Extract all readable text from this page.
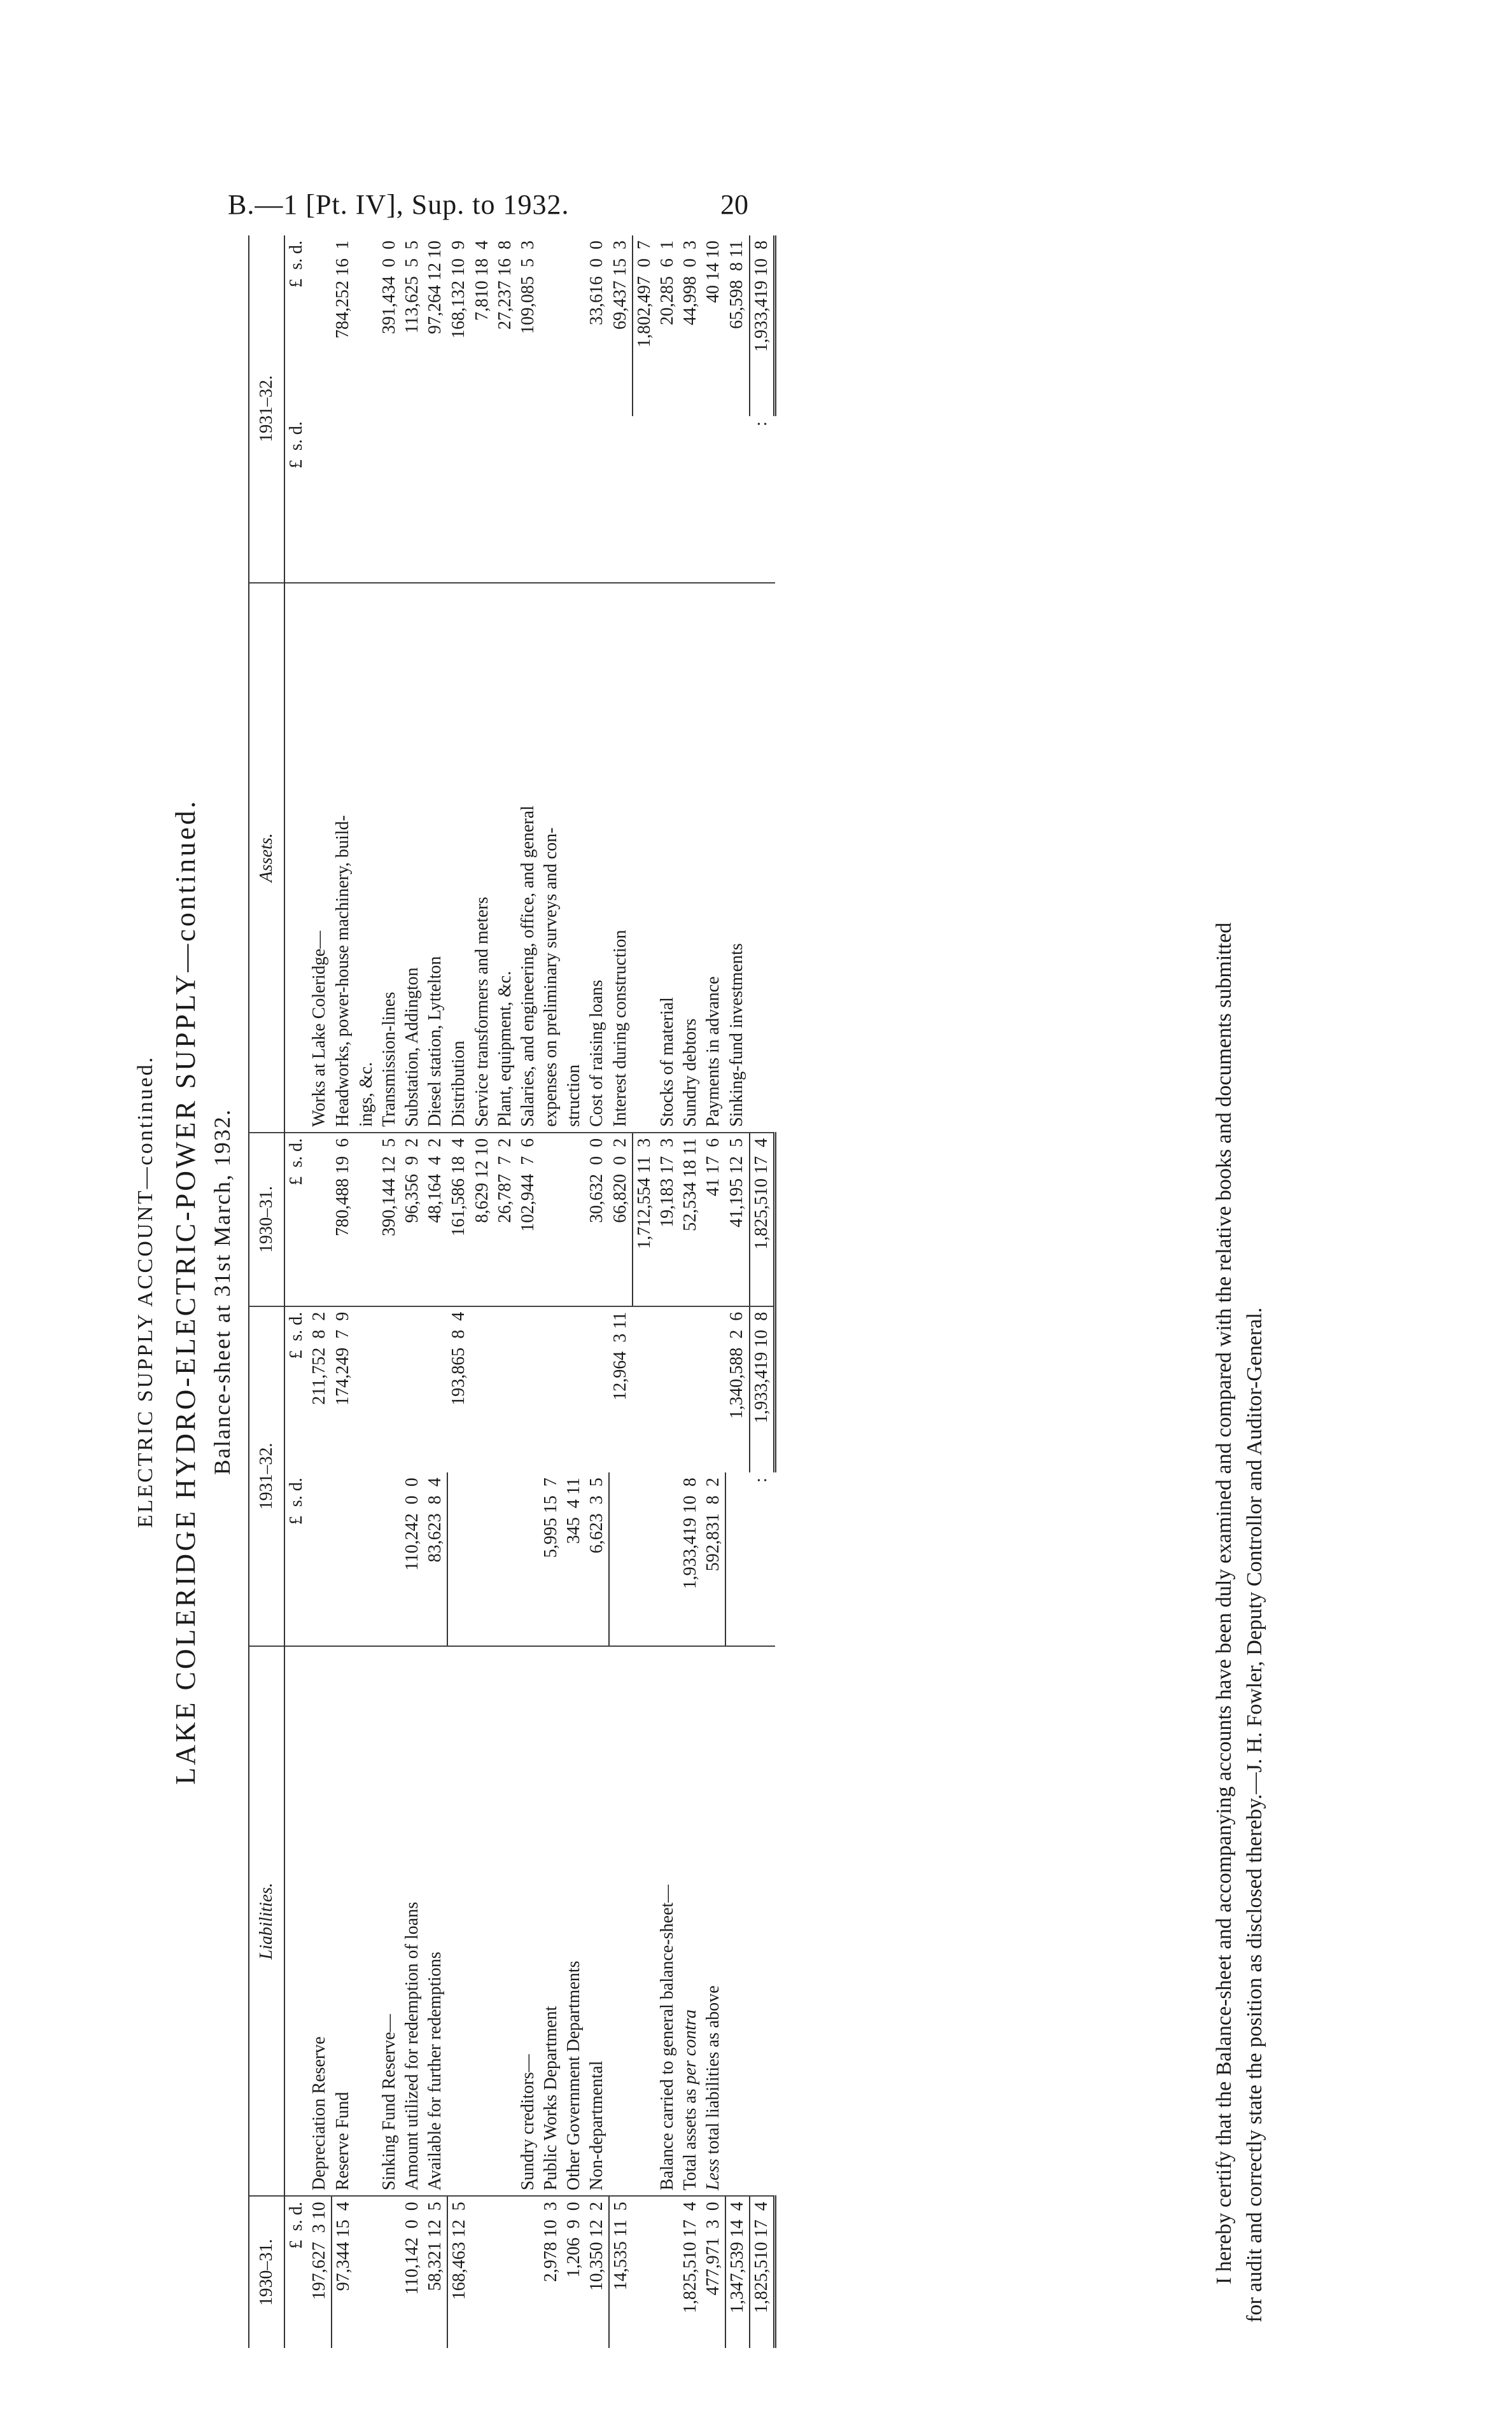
B.—1 [Pt. IV], Sup. to 1932.	20
ELECTRIC SUPPLY ACCOUNT—continued. LAKE COLERIDGE HYDRO-ELECTRIC-POWER SUPPLY—continued. Balance-sheet at 31st March, 1932.
1930–31.	Liabilities.	1931–32.		1930–31.	Assets.	1931–32.	
£  s. d.		£  s. d.	£  s. d.	£  s. d.		£  s. d.	£  s. d.
197,627  3 10	Depreciation Reserve		211,752  8  2		Works at Lake Coleridge—		
97,344 15  4	Reserve Fund		174,249  7  9	780,488 19  6	Headworks, power-house machinery, build-		784,252 16  1
					ings, &c.		
	Sinking Fund Reserve—			390,144 12  5	Transmission-lines		391,434  0  0
110,142  0  0	Amount utilized for redemption of loans	110,242  0  0		96,356  9  2	Substation, Addington		113,625  5  5
58,321 12  5	Available for further redemptions	83,623  8  4		48,164  4  2	Diesel station, Lyttelton		97,264 12 10
168,463 12  5			193,865  8  4	161,586 18  4	Distribution		168,132 10  9
				8,629 12 10	Service transformers and meters		7,810 18  4
				26,787  7  2	Plant, equipment, &c.		27,237 16  8
	Sundry creditors—			102,944  7  6	Salaries, and engineering, office, and general		109,085  5  3
2,978 10  3	Public Works Department	5,995 15  7			expenses on preliminary surveys and con-		
1,206  9  0	Other Government Departments	345  4 11			struction		
10,350 12  2	Non-departmental	6,623  3  5		30,632  0  0	Cost of raising loans		33,616  0  0
14,535 11  5			12,964  3 11	66,820  0  2	Interest during construction		69,437 15  3
				1,712,554 11  3			1,802,497  0  7
	Balance carried to general balance-sheet—			19,183 17  3	Stocks of material		20,285  6  1
1,825,510 17  4	Total assets as per contra	1,933,419 10  8		52,534 18 11	Sundry debtors		44,998  0  3
477,971  3  0	Less total liabilities as above	592,831  8  2		41 17  6	Payments in advance		40 14 10
1,347,539 14  4			1,340,588  2  6	41,195 12  5	Sinking-fund investments		65,598  8 11
1,825,510 17  4		:	1,933,419 10  8	1,825,510 17  4		:	1,933,419 10  8
I hereby certify that the Balance-sheet and accompanying accounts have been duly examined and compared with the relative books and documents submitted for audit and correctly state the position as disclosed thereby.—J. H. Fowler, Deputy Controllor and Auditor-General.
